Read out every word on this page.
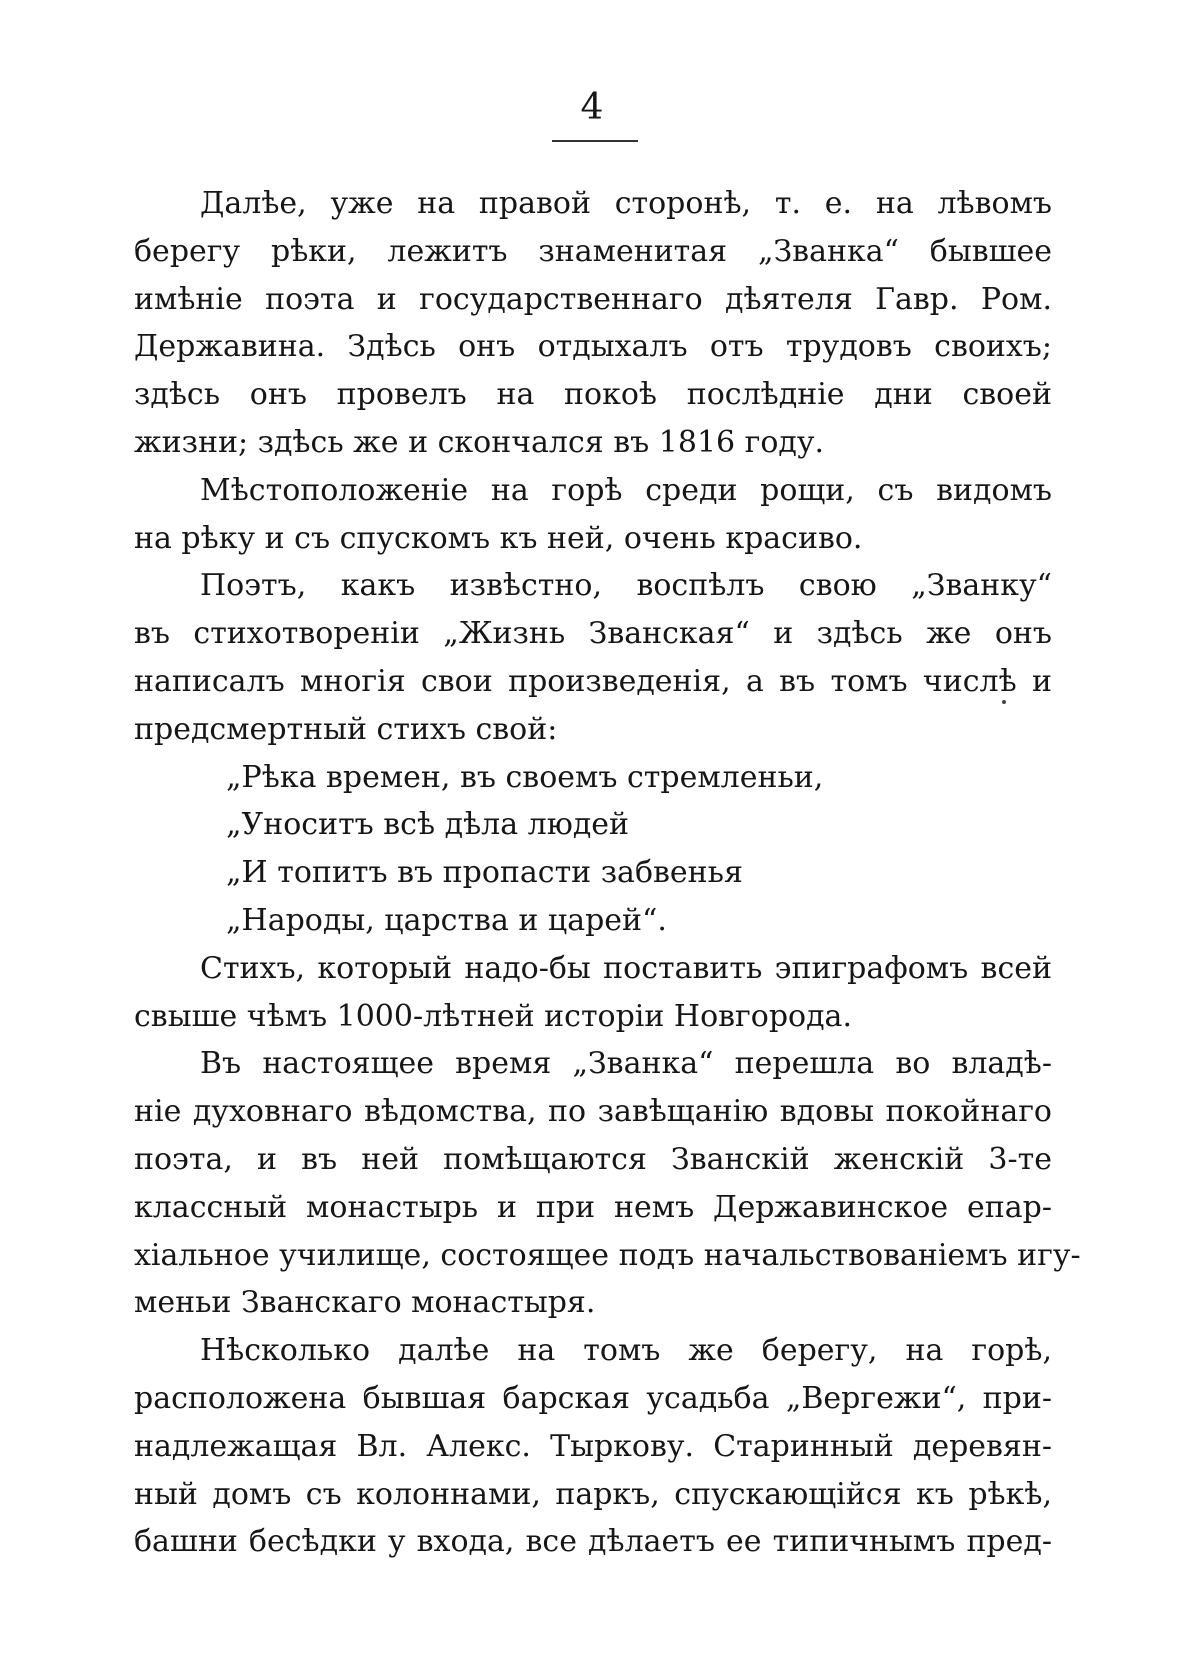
4
Далѣе, уже на правой сторонѣ, т. е. на лѣвомъ
берегу рѣки, лежитъ знаменитая „Званка“ бывшее
имѣніе поэта и государственнаго дѣятеля Гавр. Ром.
Державина. Здѣсь онъ отдыхалъ отъ трудовъ своихъ;
здѣсь онъ провелъ на покоѣ послѣдніе дни своей
жизни; здѣсь же и скончался въ 1816 году.
Мѣстоположеніе на горѣ среди рощи, съ видомъ
на рѣку и съ спускомъ къ ней, очень красиво.
Поэтъ, какъ извѣстно, воспѣлъ свою „Званку“
въ стихотвореніи „Жизнь Званская“ и здѣсь же онъ
написалъ многія свои произведенія, а въ томъ числѣ и
предсмертный стихъ свой:
„Рѣка времен, въ своемъ стремленьи,
„Уноситъ всѣ дѣла людей
„И топитъ въ пропасти забвенья
„Народы, царства и царей“.
Стихъ, который надо-бы поставить эпиграфомъ всей
свыше чѣмъ 1000-лѣтней исторіи Новгорода.
Въ настоящее время „Званка“ перешла во владѣ-
ніе духовнаго вѣдомства, по завѣщанію вдовы покойнаго
поэта, и въ ней помѣщаются Званскій женскій 3-те
классный монастырь и при немъ Державинское епар-
хіальное училище, состоящее подъ начальствованіемъ игу-
меньи Званскаго монастыря.
Нѣсколько далѣе на томъ же берегу, на горѣ,
расположена бывшая барская усадьба „Вергежи“, при-
надлежащая Вл. Алекс. Тыркову. Старинный деревян-
ный домъ съ колоннами, паркъ, спускающійся къ рѣкѣ,
башни бесѣдки у входа, все дѣлаетъ ее типичнымъ пред-
